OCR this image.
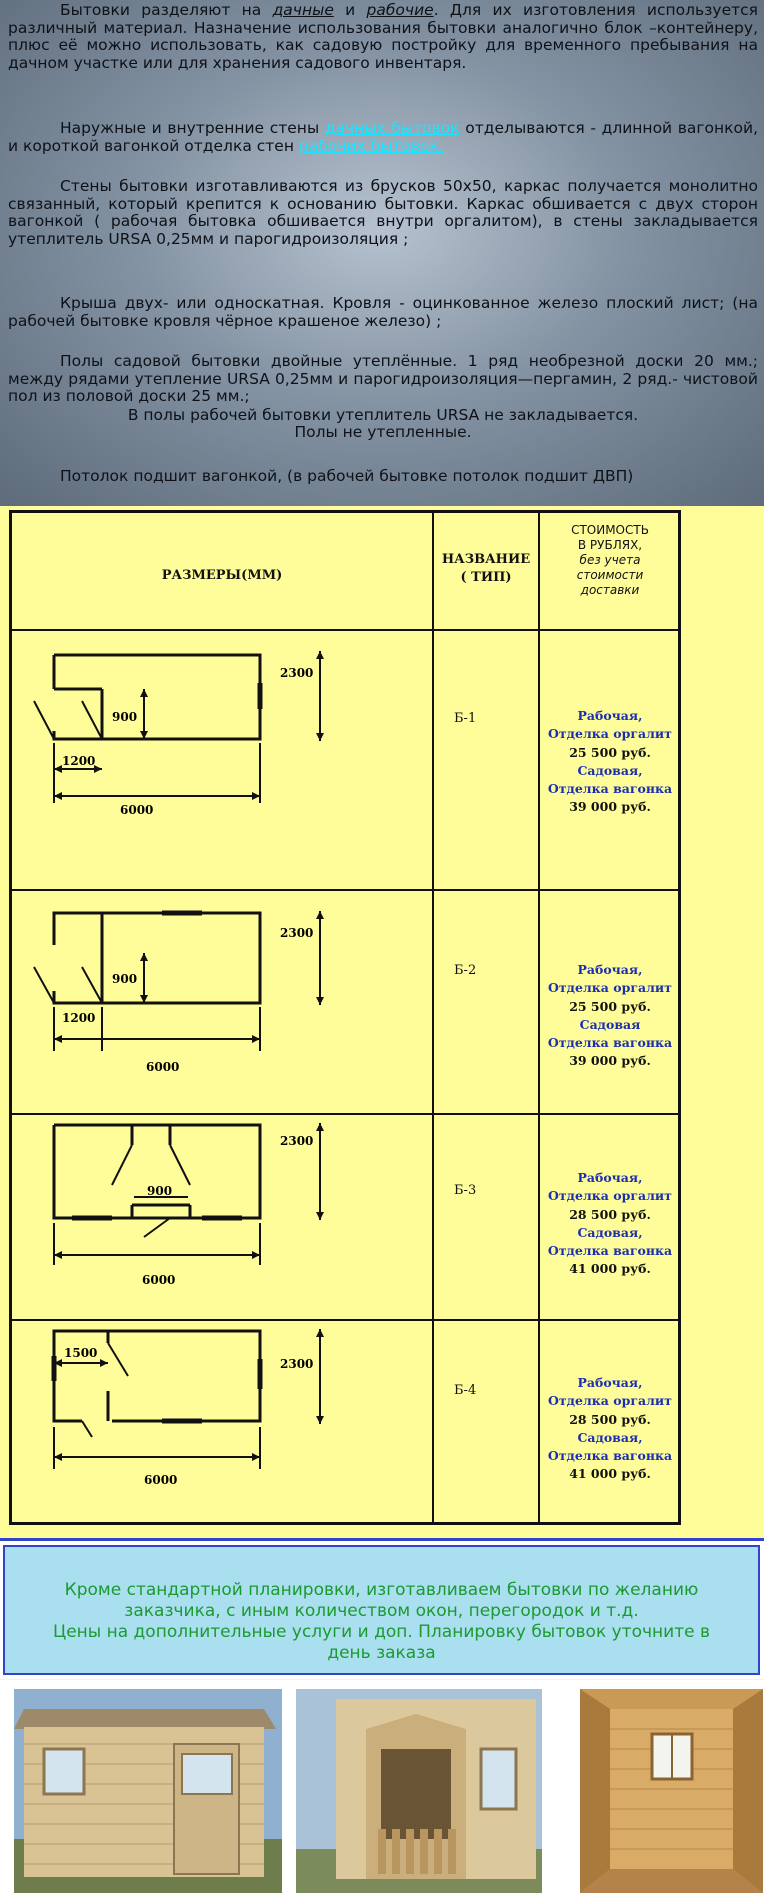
Бытовки разделяют на дачные и рабочие. Для их изготовления используется различный материал. Назначение использования бытовки аналогично блок –контейнеру, плюс её можно использовать, как садовую постройку для временного пребывания на дачном участке или для хранения садового инвентаря.

Наружные и внутренние стены дачных бытовок отделываются - длинной вагонкой, и короткой вагонкой отделка стен рабочих бытовок.

Стены бытовки изготавливаются из брусков 50х50, каркас получается монолитно связанный, который крепится к основанию бытовки. Каркас обшивается с двух сторон вагонкой ( рабочая бытовка обшивается внутри оргалитом), в стены закладывается утеплитель URSA 0,25мм и парогидроизоляция ;

Крыша двух- или односкатная. Кровля - оцинкованное железо плоский лист; (на рабочей бытовке кровля чёрное крашеное железо) ;

Полы садовой бытовки двойные утеплённые. 1 ряд необрезной доски 20 мм.; между рядами утепление URSA 0,25мм и парогидроизоляция—пергамин, 2 ряд.- чистовой пол из половой доски 25 мм.;

В полы рабочей бытовки утеплитель URSA не закладывается.

Полы не утепленные.

Потолок подшит вагонкой, (в рабочей бытовке потолок подшит ДВП)

РАЗМЕРЫ(ММ)
НАЗВАНИЕ
( ТИП)
СТОИМОСТЬ
В РУБЛЯХ,
без учета
стоимости
доставки
2300
900
1200
6000
Б-1	Рабочая,
Отделка оргалит
25 500 руб.
Садовая,
Отделка вагонка
39 000 руб.
2300
900
1200
6000
Б-2	Рабочая,
Отделка оргалит
25 500 руб.
Садовая
Отделка вагонка
39 000 руб.
2300
900
6000
Б-3
Рабочая,
Отделка оргалит
28 500 руб.
Садовая,
Отделка вагонка
41 000 руб.
2300
1500
6000
Б-4
Рабочая,
Отделка оргалит
28 500 руб.
Садовая,
Отделка вагонка
41 000 руб.

Кроме стандартной планировки, изготавливаем бытовки по желанию
заказчика, с иным количеством окон, перегородок и т.д.
Цены на дополнительные услуги и доп. Планировку бытовок уточните в
день заказа
